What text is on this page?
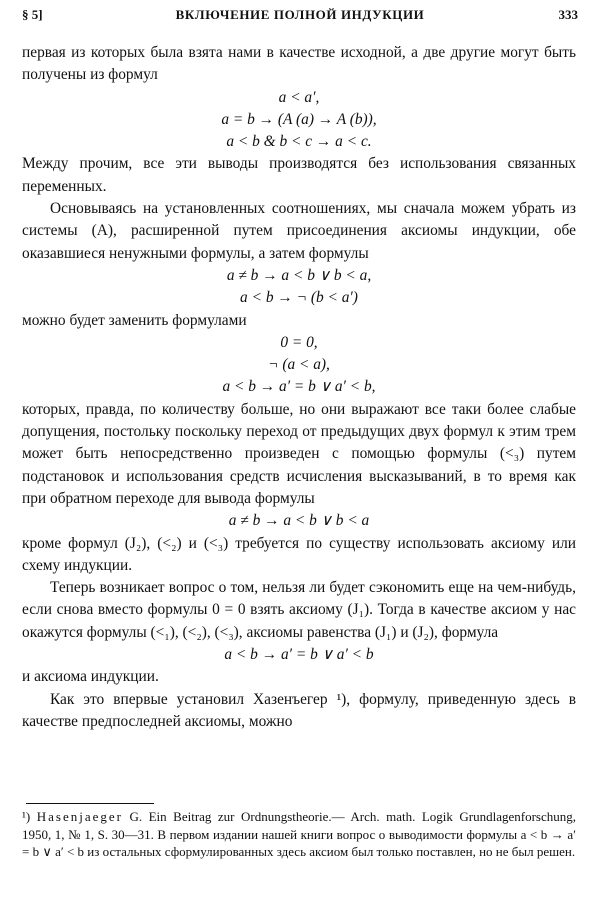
§ 5]	ВКЛЮЧЕНИЕ ПОЛНОЙ ИНДУКЦИИ	333

первая из которых была взята нами в качестве исходной, а две другие могут быть получены из формул

a < a′,

a = b → (A (a) → A (b)),

a < b & b < c → a < c.

Между прочим, все эти выводы производятся без использования связанных переменных.

Основываясь на установленных соотношениях, мы сначала можем убрать из системы (A), расширенной путем присоединения аксиомы индукции, обе оказавшиеся ненужными формулы, а затем формулы

a ≠ b → a < b ∨ b < a,

a < b → ¬ (b < a′)

можно будет заменить формулами

0 = 0,

¬ (a < a),

a < b → a′ = b ∨ a′ < b,

которых, правда, по количеству больше, но они выражают все таки более слабые допущения, постольку поскольку переход от предыдущих двух формул к этим трем может быть непосредственно произведен с помощью формулы (<₃) путем подстановок и использования средств исчисления высказываний, в то время как при обратном переходе для вывода формулы

a ≠ b → a < b ∨ b < a

кроме формул (J₂), (<₂) и (<₃) требуется по существу использовать аксиому или схему индукции.

Теперь возникает вопрос о том, нельзя ли будет сэкономить еще на чем-нибудь, если снова вместо формулы 0 = 0 взять аксиому (J₁). Тогда в качестве аксиом у нас окажутся формулы (<₁), (<₂), (<₃), аксиомы равенства (J₁) и (J₂), формула

a < b → a′ = b ∨ a′ < b

и аксиома индукции.

Как это впервые установил Хазенъегер ¹), формулу, приведенную здесь в качестве предпоследней аксиомы, можно

¹) Hasenjaeger G. Ein Beitrag zur Ordnungstheorie.— Arch. math. Logik Grundlagenforschung, 1950, 1, № 1, S. 30—31. В первом издании нашей книги вопрос о выводимости формулы a < b → a′ = b ∨ a′ < b из остальных сформулированных здесь аксиом был только поставлен, но не был решен.
